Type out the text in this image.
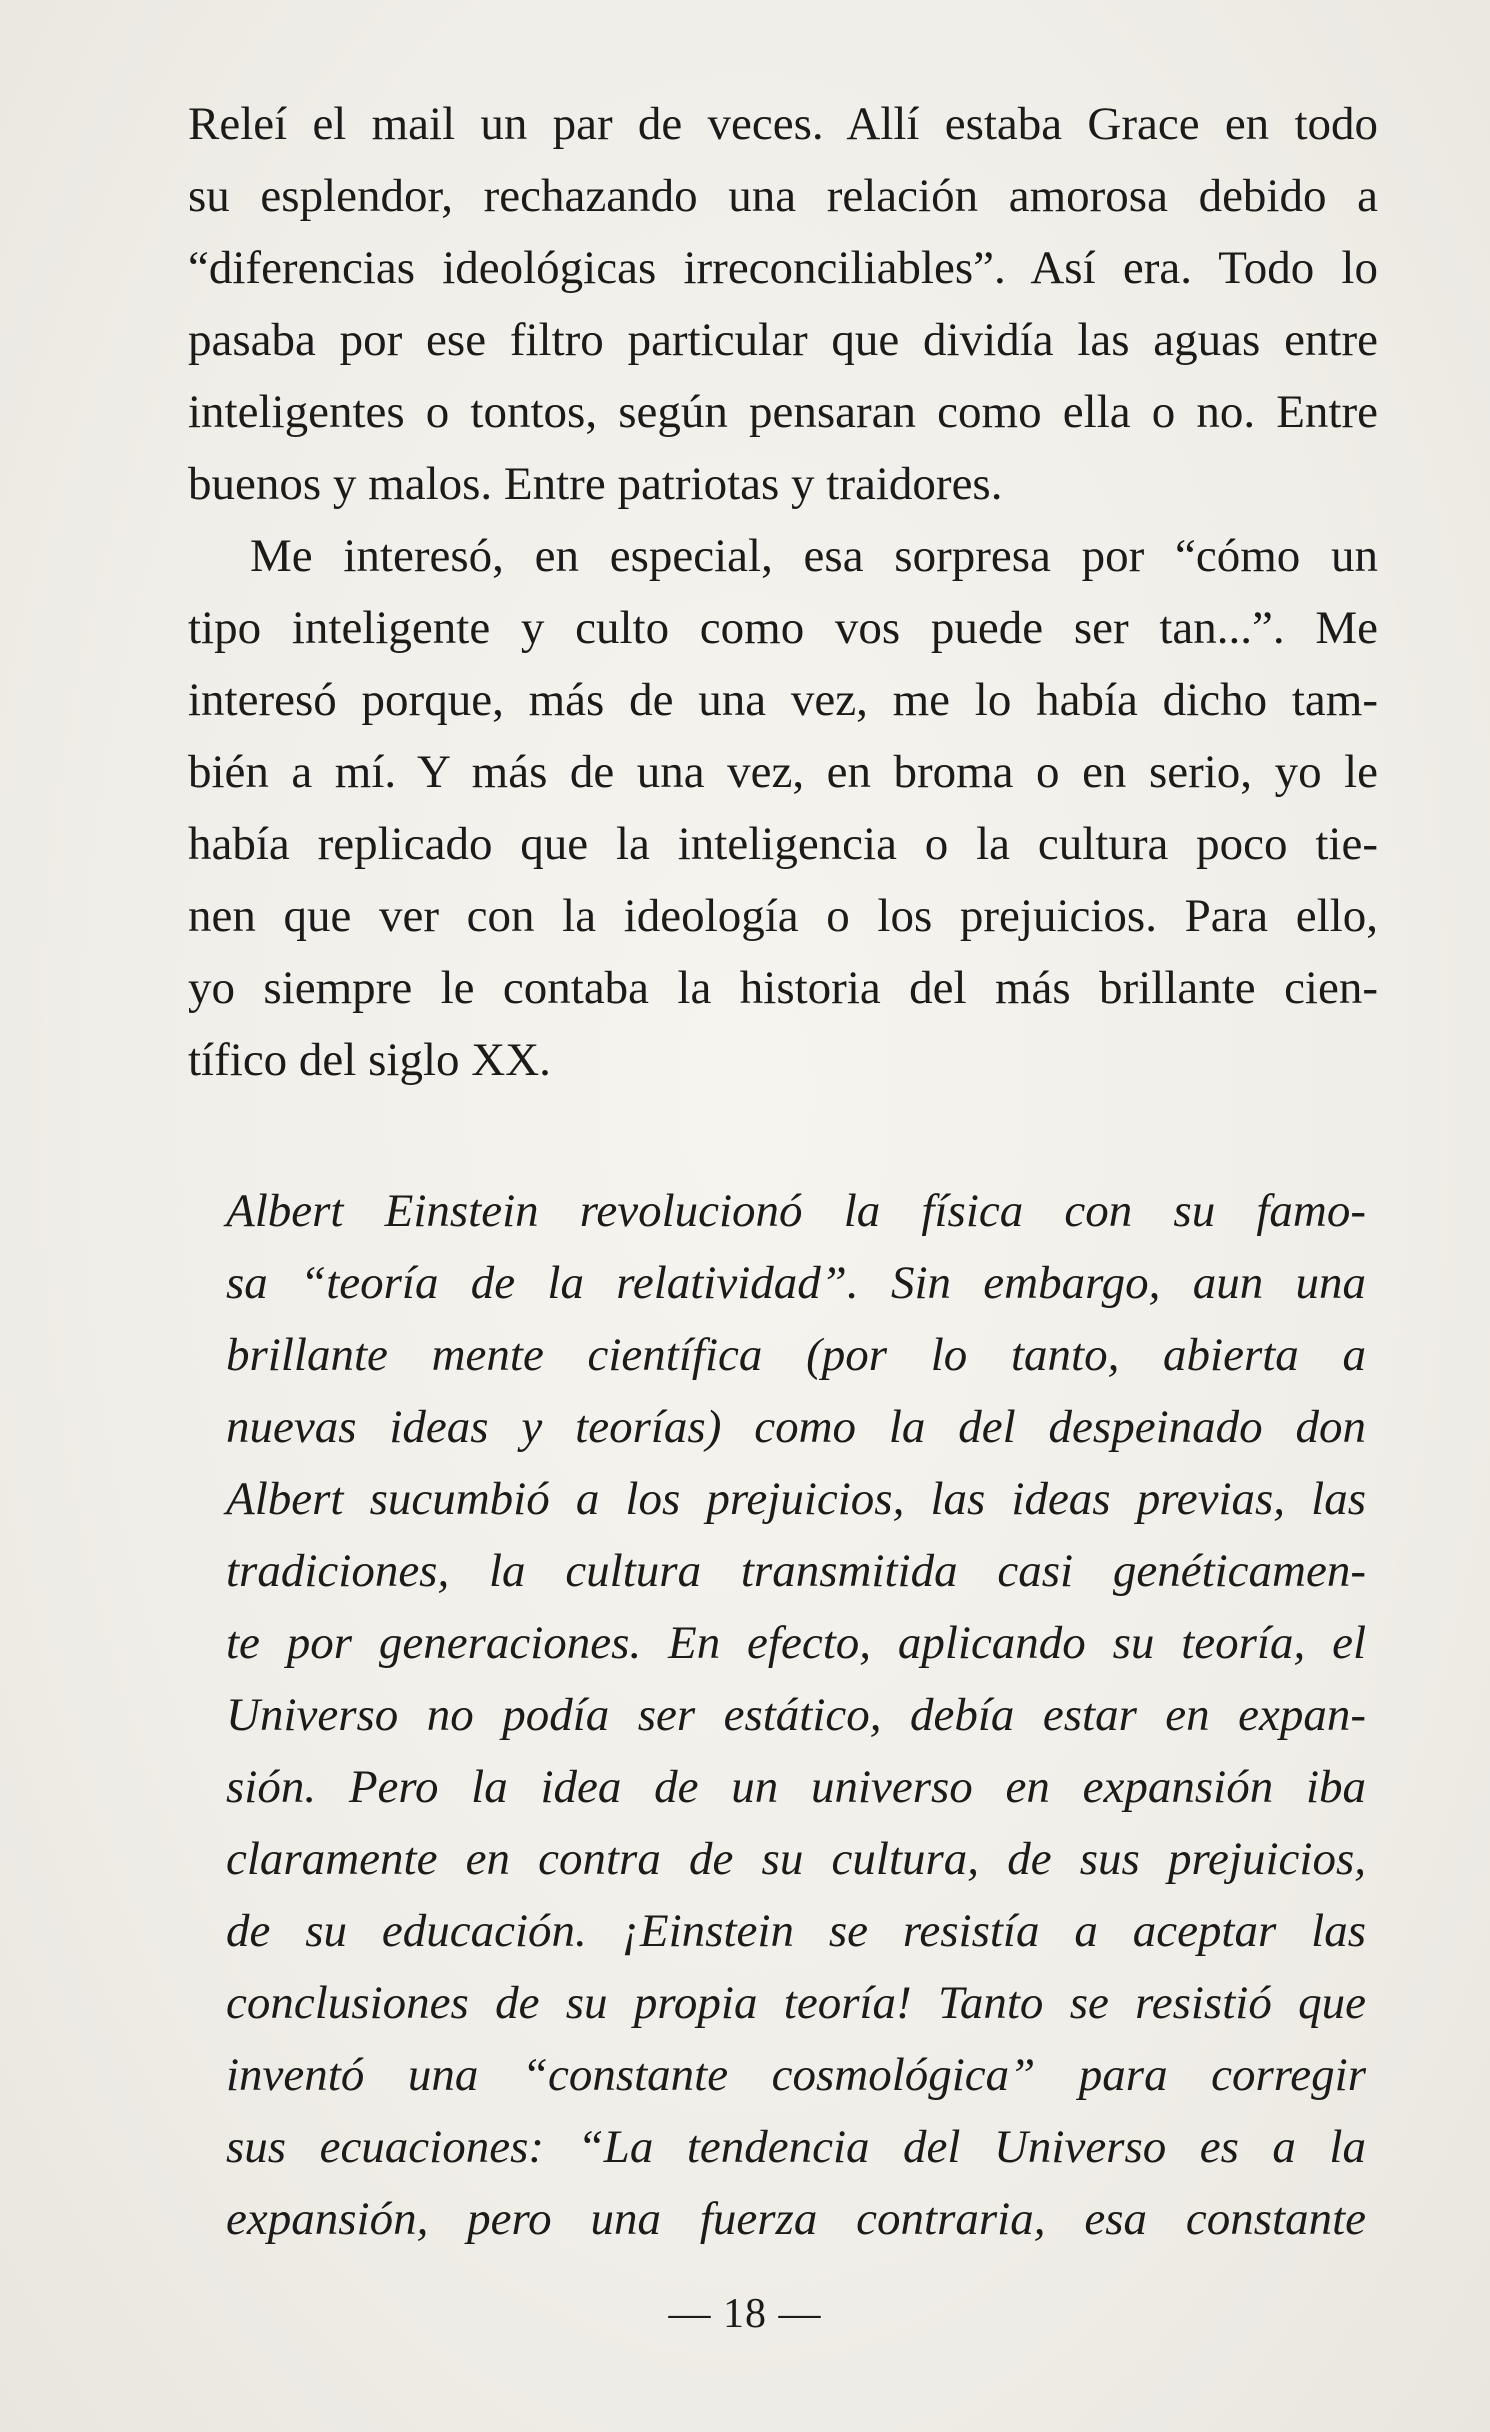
Releí el mail un par de veces. Allí estaba Grace en todo
su esplendor, rechazando una relación amorosa debido a
“diferencias ideológicas irreconciliables”. Así era. Todo lo
pasaba por ese filtro particular que dividía las aguas entre
inteligentes o tontos, según pensaran como ella o no. Entre
buenos y malos. Entre patriotas y traidores.
Me interesó, en especial, esa sorpresa por “cómo un
tipo inteligente y culto como vos puede ser tan...”. Me
interesó porque, más de una vez, me lo había dicho tam-
bién a mí. Y más de una vez, en broma o en serio, yo le
había replicado que la inteligencia o la cultura poco tie-
nen que ver con la ideología o los prejuicios. Para ello,
yo siempre le contaba la historia del más brillante cien-
tífico del siglo XX.
Albert Einstein revolucionó la física con su famo-
sa “teoría de la relatividad”. Sin embargo, aun una
brillante mente científica (por lo tanto, abierta a
nuevas ideas y teorías) como la del despeinado don
Albert sucumbió a los prejuicios, las ideas previas, las
tradiciones, la cultura transmitida casi genéticamen-
te por generaciones. En efecto, aplicando su teoría, el
Universo no podía ser estático, debía estar en expan-
sión. Pero la idea de un universo en expansión iba
claramente en contra de su cultura, de sus prejuicios,
de su educación. ¡Einstein se resistía a aceptar las
conclusiones de su propia teoría! Tanto se resistió que
inventó una “constante cosmológica” para corregir
sus ecuaciones: “La tendencia del Universo es a la
expansión, pero una fuerza contraria, esa constante
— 18 —
